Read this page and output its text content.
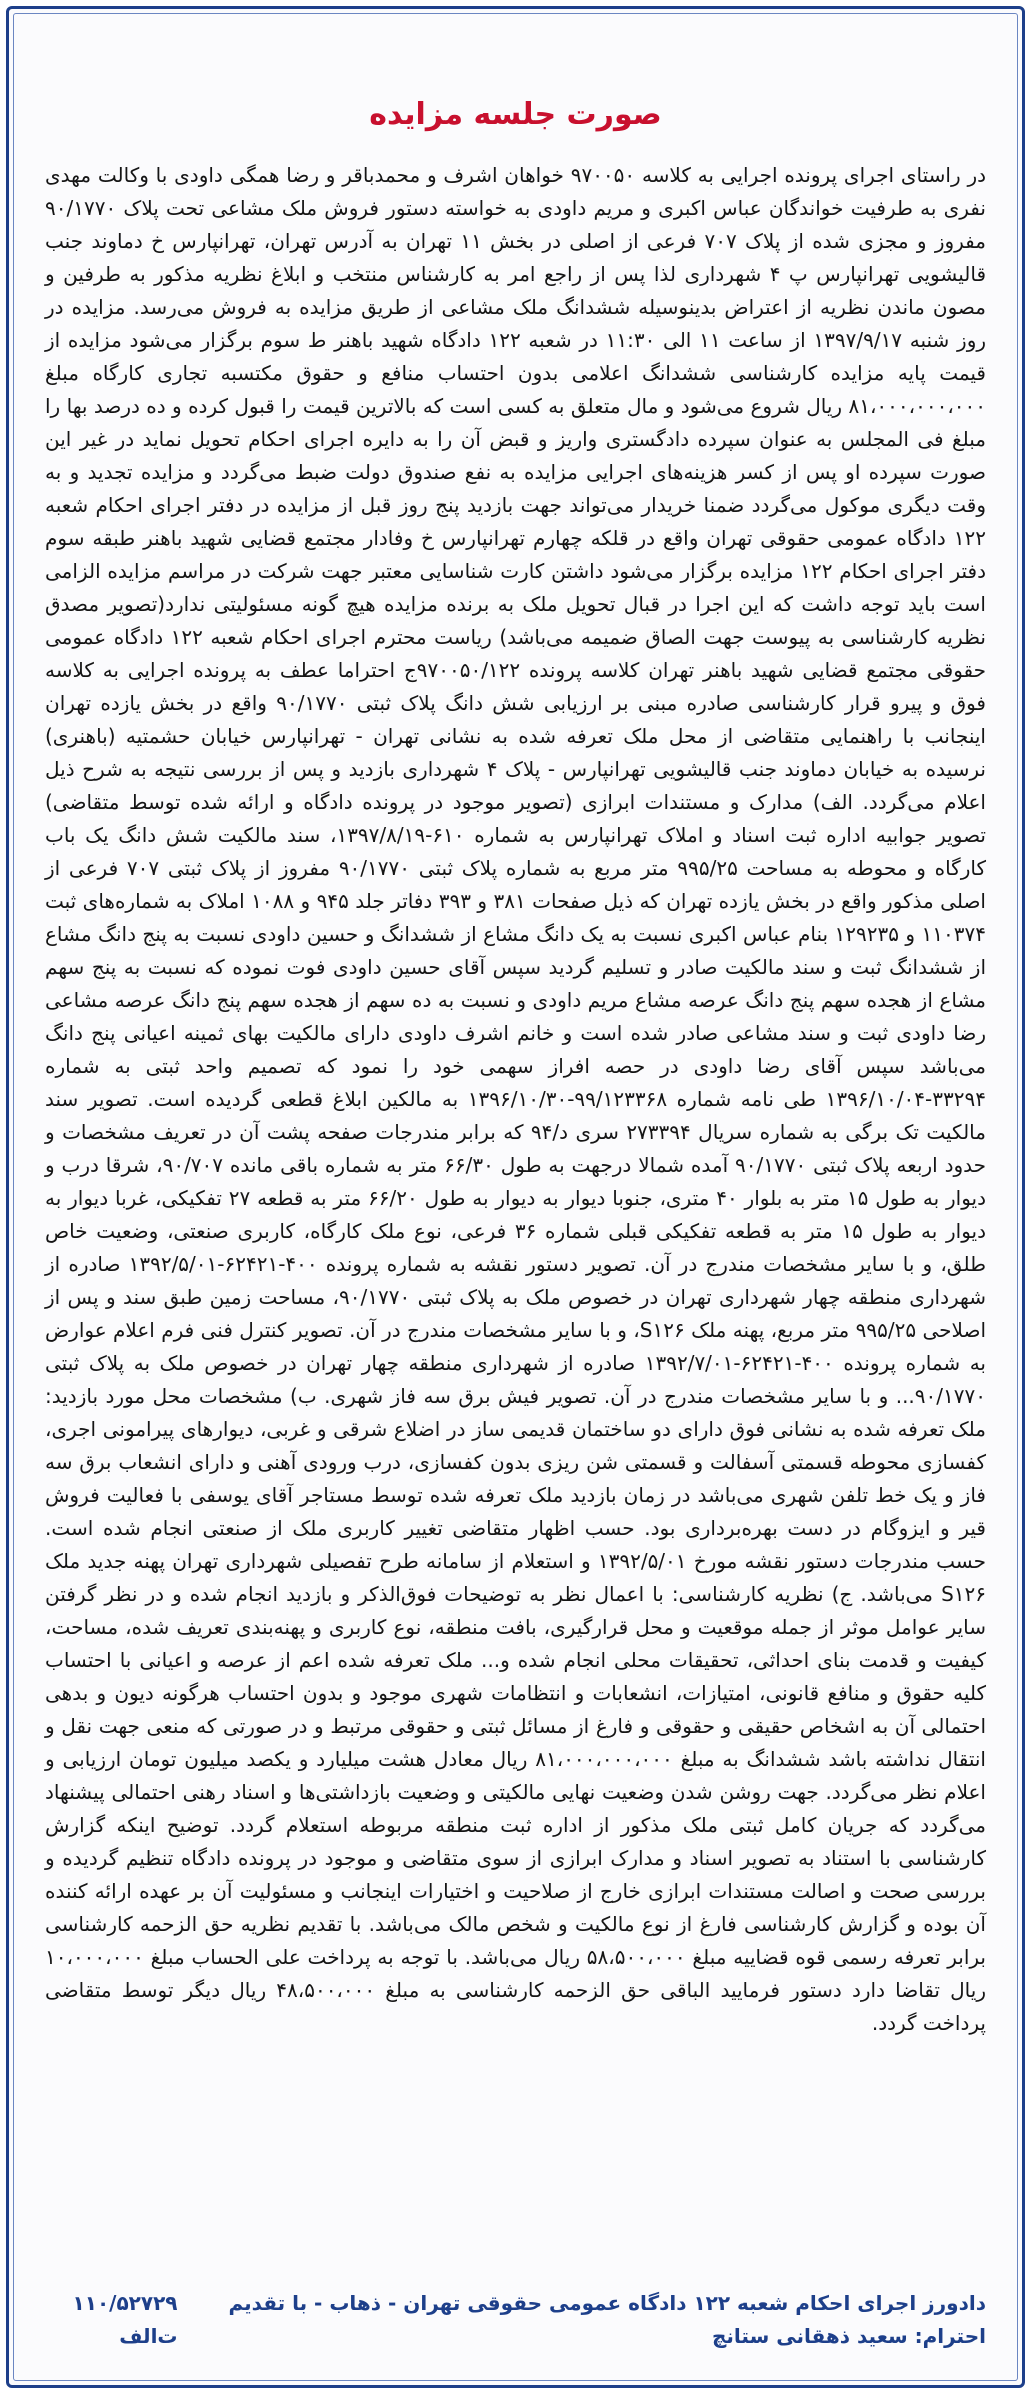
صورت جلسه مزایده

در راستای اجرای پرونده اجرایی به کلاسه ۹۷۰۰۵۰ خواهان اشرف و محمدباقر و رضا همگی داودی با وکالت مهدی نفری به طرفیت خواندگان عباس اکبری و مریم داودی به خواسته دستور فروش ملک مشاعی تحت پلاک ۹۰/۱۷۷۰ مفروز و مجزی شده از پلاک ۷۰۷ فرعی از اصلی در بخش ۱۱ تهران به آدرس تهران، تهرانپارس خ دماوند جنب قالیشویی تهرانپارس پ ۴ شهرداری لذا پس از راجع امر به کارشناس منتخب و ابلاغ نظریه مذکور به طرفین و مصون ماندن نظریه از اعتراض بدینوسیله ششدانگ ملک مشاعی از طریق مزایده به فروش می‌رسد. مزایده در روز شنبه ۱۳۹۷/۹/۱۷ از ساعت ۱۱ الی ۱۱:۳۰ در شعبه ۱۲۲ دادگاه شهید باهنر ط سوم برگزار می‌شود مزایده از قیمت پایه مزایده کارشناسی ششدانگ اعلامی بدون احتساب منافع و حقوق مکتسبه تجاری کارگاه مبلغ ۸۱،۰۰۰،۰۰۰،۰۰۰ ریال شروع می‌شود و مال متعلق به کسی است که بالاترین قیمت را قبول کرده و ده درصد بها را مبلغ فی المجلس به عنوان سپرده دادگستری واریز و قبض آن را به دایره اجرای احکام تحویل نماید در غیر این صورت سپرده او پس از کسر هزینه‌های اجرایی مزایده به نفع صندوق دولت ضبط می‌گردد و مزایده تجدید و به وقت دیگری موکول می‌گردد ضمنا خریدار می‌تواند جهت بازدید پنج روز قبل از مزایده در دفتر اجرای احکام شعبه ۱۲۲ دادگاه عمومی حقوقی تهران واقع در قلکه چهارم تهرانپارس خ وفادار مجتمع قضایی شهید باهنر طبقه سوم دفتر اجرای احکام ۱۲۲ مزایده برگزار می‌شود داشتن کارت شناسایی معتبر جهت شرکت در مراسم مزایده الزامی است باید توجه داشت که این اجرا در قبال تحویل ملک به برنده مزایده هیچ گونه مسئولیتی ندارد(تصویر مصدق نظریه کارشناسی به پیوست جهت الصاق ضمیمه می‌باشد) ریاست محترم اجرای احکام شعبه ۱۲۲ دادگاه عمومی حقوقی مجتمع قضایی شهید باهنر تهران کلاسه پرونده ۹۷۰۰۵۰/۱۲۲ج احتراما عطف به پرونده اجرایی به کلاسه فوق و پیرو قرار کارشناسی صادره مبنی بر ارزیابی شش دانگ پلاک ثبتی ۹۰/۱۷۷۰ واقع در بخش یازده تهران اینجانب با راهنمایی متقاضی از محل ملک تعرفه شده به نشانی تهران - تهرانپارس خیابان حشمتیه (باهنری) نرسیده به خیابان دماوند جنب قالیشویی تهرانپارس - پلاک ۴ شهرداری بازدید و پس از بررسی نتیجه به شرح ذیل اعلام می‌گردد. الف) مدارک و مستندات ابرازی (تصویر موجود در پرونده دادگاه و ارائه شده توسط متقاضی) تصویر جوابیه اداره ثبت اسناد و املاک تهرانپارس به شماره ۶۱۰-۱۳۹۷/۸/۱۹، سند مالکیت شش دانگ یک باب کارگاه و محوطه به مساحت ۹۹۵/۲۵ متر مربع به شماره پلاک ثبتی ۹۰/۱۷۷۰ مفروز از پلاک ثبتی ۷۰۷ فرعی از اصلی مذکور واقع در بخش یازده تهران که ذیل صفحات ۳۸۱ و ۳۹۳ دفاتر جلد ۹۴۵ و ۱۰۸۸ املاک به شماره‌های ثبت ۱۱۰۳۷۴ و ۱۲۹۲۳۵ بنام عباس اکبری نسبت به یک دانگ مشاع از ششدانگ و حسین داودی نسبت به پنج دانگ مشاع از ششدانگ ثبت و سند مالکیت صادر و تسلیم گردید سپس آقای حسین داودی فوت نموده که نسبت به پنج سهم مشاع از هجده سهم پنج دانگ عرصه مشاع مریم داودی و نسبت به ده سهم از هجده سهم پنج دانگ عرصه مشاعی رضا داودی ثبت و سند مشاعی صادر شده است و خانم اشرف داودی دارای مالکیت بهای ثمینه اعیانی پنج دانگ می‌باشد سپس آقای رضا داودی در حصه افراز سهمی خود را نمود که تصمیم واحد ثبتی به شماره ۳۳۲۹۴-۱۳۹۶/۱۰/۰۴ طی نامه شماره ۹۹/۱۲۳۳۶۸-۱۳۹۶/۱۰/۳۰ به مالکین ابلاغ قطعی گردیده است. تصویر سند مالکیت تک برگی به شماره سریال ۲۷۳۳۹۴ سری د/۹۴ که برابر مندرجات صفحه پشت آن در تعریف مشخصات و حدود اربعه پلاک ثبتی ۹۰/۱۷۷۰ آمده شمالا درجهت به طول ۶۶/۳۰ متر به شماره باقی مانده ۹۰/۷۰۷، شرقا درب و دیوار به طول ۱۵ متر به بلوار ۴۰ متری، جنوبا دیوار به دیوار به طول ۶۶/۲۰ متر به قطعه ۲۷ تفکیکی، غربا دیوار به دیوار به طول ۱۵ متر به قطعه تفکیکی قبلی شماره ۳۶ فرعی، نوع ملک کارگاه، کاربری صنعتی، وضعیت خاص طلق، و با سایر مشخصات مندرج در آن. تصویر دستور نقشه به شماره پرونده ۴۰۰-۶۲۴۲۱-۱۳۹۲/۵/۰۱ صادره از شهرداری منطقه چهار شهرداری تهران در خصوص ملک به پلاک ثبتی ۹۰/۱۷۷۰، مساحت زمین طبق سند و پس از اصلاحی ۹۹۵/۲۵ متر مربع، پهنه ملک S۱۲۶، و با سایر مشخصات مندرج در آن. تصویر کنترل فنی فرم اعلام عوارض به شماره پرونده ۴۰۰-۶۲۴۲۱-۱۳۹۲/۷/۰۱ صادره از شهرداری منطقه چهار تهران در خصوص ملک به پلاک ثبتی ۹۰/۱۷۷۰... و با سایر مشخصات مندرج در آن. تصویر فیش برق سه فاز شهری. ب) مشخصات محل مورد بازدید: ملک تعرفه شده به نشانی فوق دارای دو ساختمان قدیمی ساز در اضلاع شرقی و غربی، دیوارهای پیرامونی اجری، کفسازی محوطه قسمتی آسفالت و قسمتی شن ریزی بدون کفسازی، درب ورودی آهنی و دارای انشعاب برق سه فاز و یک خط تلفن شهری می‌باشد در زمان بازدید ملک تعرفه شده توسط مستاجر آقای یوسفی با فعالیت فروش قیر و ایزوگام در دست بهره‌برداری بود. حسب اظهار متقاضی تغییر کاربری ملک از صنعتی انجام شده است. حسب مندرجات دستور نقشه مورخ ۱۳۹۲/۵/۰۱ و استعلام از سامانه طرح تفصیلی شهرداری تهران پهنه جدید ملک S۱۲۶ می‌باشد. ج) نظریه کارشناسی: با اعمال نظر به توضیحات فوق‌الذکر و بازدید انجام شده و در نظر گرفتن سایر عوامل موثر از جمله موقعیت و محل قرارگیری، بافت منطقه، نوع کاربری و پهنه‌بندی تعریف شده، مساحت، کیفیت و قدمت بنای احداثی، تحقیقات محلی انجام شده و... ملک تعرفه شده اعم از عرصه و اعیانی با احتساب کلیه حقوق و منافع قانونی، امتیازات، انشعابات و انتظامات شهری موجود و بدون احتساب هرگونه دیون و بدهی احتمالی آن به اشخاص حقیقی و حقوقی و فارغ از مسائل ثبتی و حقوقی مرتبط و در صورتی که منعی جهت نقل و انتقال نداشته باشد ششدانگ به مبلغ ۸۱،۰۰۰،۰۰۰،۰۰۰ ریال معادل هشت میلیارد و یکصد میلیون تومان ارزیابی و اعلام نظر می‌گردد. جهت روشن شدن وضعیت نهایی مالکیتی و وضعیت بازداشتی‌ها و اسناد رهنی احتمالی پیشنهاد می‌گردد که جریان کامل ثبتی ملک مذکور از اداره ثبت منطقه مربوطه استعلام گردد. توضیح اینکه گزارش کارشناسی با استناد به تصویر اسناد و مدارک ابرازی از سوی متقاضی و موجود در پرونده دادگاه تنظیم گردیده و بررسی صحت و اصالت مستندات ابرازی خارج از صلاحیت و اختیارات اینجانب و مسئولیت آن بر عهده ارائه کننده آن بوده و گزارش کارشناسی فارغ از نوع مالکیت و شخص مالک می‌باشد. با تقدیم نظریه حق الزحمه کارشناسی برابر تعرفه رسمی قوه قضاییه مبلغ ۵۸،۵۰۰،۰۰۰ ریال می‌باشد. با توجه به پرداخت علی الحساب مبلغ ۱۰،۰۰۰،۰۰۰ ریال تقاضا دارد دستور فرمایید الباقی حق الزحمه کارشناسی به مبلغ ۴۸،۵۰۰،۰۰۰ ریال دیگر توسط متقاضی پرداخت گردد.

دادورز اجرای احکام شعبه ۱۲۲ دادگاه عمومی حقوقی تهران - ذهاب - با تقدیم احترام: سعید ذهقانی ستانچ
۱۱۰/۵۲۷۲۹ ت‌الف
